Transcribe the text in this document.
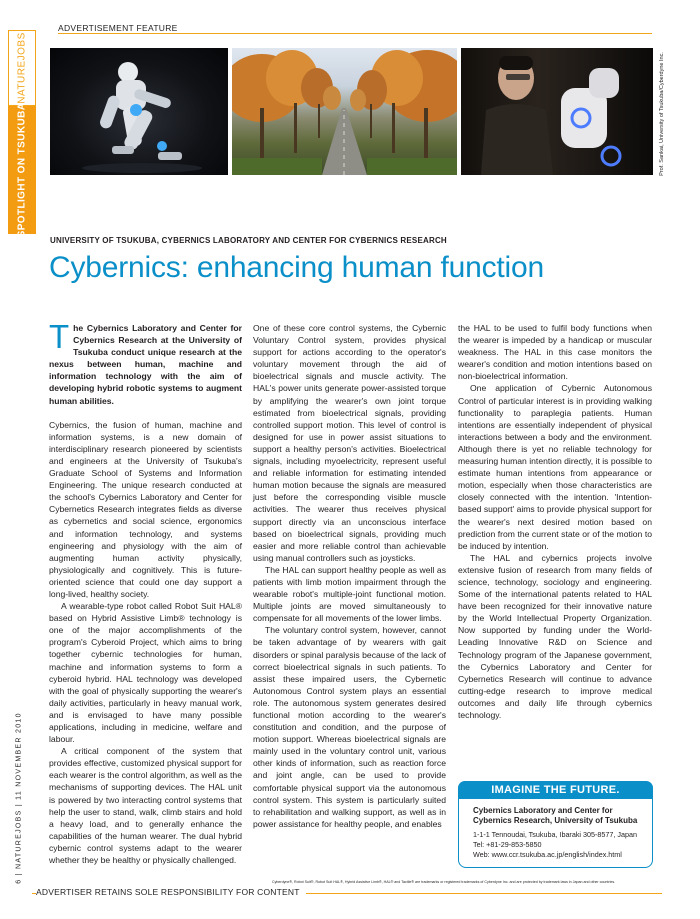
ADVERTISEMENT FEATURE
NATUREJOBS
SPOTLIGHT ON TSUKUBA	Prof. Sankai, University of Tsukuba/Cyberdyne Inc.
UNIVERSITY OF TSUKUBA, CYBERNICS LABORATORY AND CENTER FOR CYBERNICS RESEARCH
Cybernics: enhancing human function

The Cybernics Laboratory and Center for Cybernics Research at the University of Tsukuba conduct unique research at the nexus between human, machine and information technology with the aim of developing hybrid robotic systems to augment human abilities.

Cybernics, the fusion of human, machine and information systems, is a new domain of interdisciplinary research pioneered by scientists and engineers at the University of Tsukuba's Graduate School of Systems and Information Engineering. The unique research conducted at the school's Cybernics Laboratory and Center for Cybernetics Research integrates fields as diverse as cybernetics and social science, ergonomics and information technology, and systems engineering and physiology with the aim of augmenting human activity physically, physiologically and cognitively. This is future-oriented science that could one day support a long-lived, healthy society.

A wearable-type robot called Robot Suit HAL® based on Hybrid Assistive Limb® technology is one of the major accomplishments of the program's Cyberoid Project, which aims to bring together cybernic technologies for human, machine and information systems to form a cyberoid hybrid. HAL technology was developed with the goal of physically supporting the wearer's daily activities, particularly in heavy manual work, and is envisaged to have many possible applications, including in medicine, welfare and labour.

A critical component of the system that provides effective, customized physical support for each wearer is the control algorithm, as well as the mechanisms of supporting devices. The HAL unit is powered by two interacting control systems that help the user to stand, walk, climb stairs and hold a heavy load, and to generally enhance the capabilities of the human wearer. The dual hybrid cybernic control systems adapt to the wearer whether they be healthy or physically challenged.

One of these core control systems, the Cybernic Voluntary Control system, provides physical support for actions according to the operator's voluntary movement through the aid of bioelectrical signals and muscle activity. The HAL's power units generate power-assisted torque by amplifying the wearer's own joint torque estimated from bioelectrical signals, providing controlled support motion. This level of control is designed for use in power assist situations to support a healthy person's activities. Bioelectrical signals, including myoelectricity, represent useful and reliable information for estimating intended human motion because the signals are measured just before the corresponding visible muscle activities. The wearer thus receives physical support directly via an unconscious interface based on bioelectrical signals, providing much easier and more reliable control than achievable using manual controllers such as joysticks.

The HAL can support healthy people as well as patients with limb motion impairment through the wearable robot's multiple-joint functional motion. Multiple joints are moved simultaneously to compensate for all movements of the lower limbs.

The voluntary control system, however, cannot be taken advantage of by wearers with gait disorders or spinal paralysis because of the lack of correct bioelectrical signals in such patients. To assist these impaired users, the Cybernetic Autonomous Control system plays an essential role. The autonomous system generates desired functional motion according to the wearer's constitution and condition, and the purpose of motion support. Whereas bioelectrical signals are mainly used in the voluntary control unit, various other kinds of information, such as reaction force and joint angle, can be used to provide comfortable physical support via the autonomous control system. This system is particularly suited to rehabilitation and walking support, as well as in power assistance for healthy people, and enables

the HAL to be used to fulfil body functions when the wearer is impeded by a handicap or muscular weakness. The HAL in this case monitors the wearer's condition and motion intentions based on non-bioelectrical information.

One application of Cybernic Autonomous Control of particular interest is in providing walking functionality to paraplegia patients. Human intentions are essentially independent of physical interactions between a body and the environment. Although there is yet no reliable technology for measuring human intention directly, it is possible to estimate human intentions from appearance or motion, especially when those characteristics are closely connected with the intention. 'Intention-based support' aims to provide physical support for the wearer's next desired motion based on prediction from the current state or of the motion to be induced by intention.

The HAL and cybernics projects involve extensive fusion of research from many fields of science, technology, sociology and engineering. Some of the international patents related to HAL have been recognized for their innovative nature by the World Intellectual Property Organization. Now supported by funding under the World-Leading Innovative R&D on Science and Technology program of the Japanese government, the Cybernics Laboratory and Center for Cybernetics Research will continue to advance cutting-edge research to improve medical outcomes and daily life through cybernics technology.

IMAGINE THE FUTURE.
Cybernics Laboratory and Center for Cybernics Research, University of Tsukuba
1-1-1 Tennoudai, Tsukuba, Ibaraki 305-8577, Japan
Tel: +81-29-853-5850
Web: www.ccr.tsukuba.ac.jp/english/index.html
6 | NATUREJOBS | 11 NOVEMBER 2010	Cyberdyne®, Robot Suit®, Robot Suit HAL®, Hybrid Assistive Limb®, HAL® and Tactile® are trademarks or registered trademarks of Cyberdyne Inc. and are protected by trademark laws in Japan and other countries.
ADVERTISER RETAINS SOLE RESPONSIBILITY FOR CONTENT
